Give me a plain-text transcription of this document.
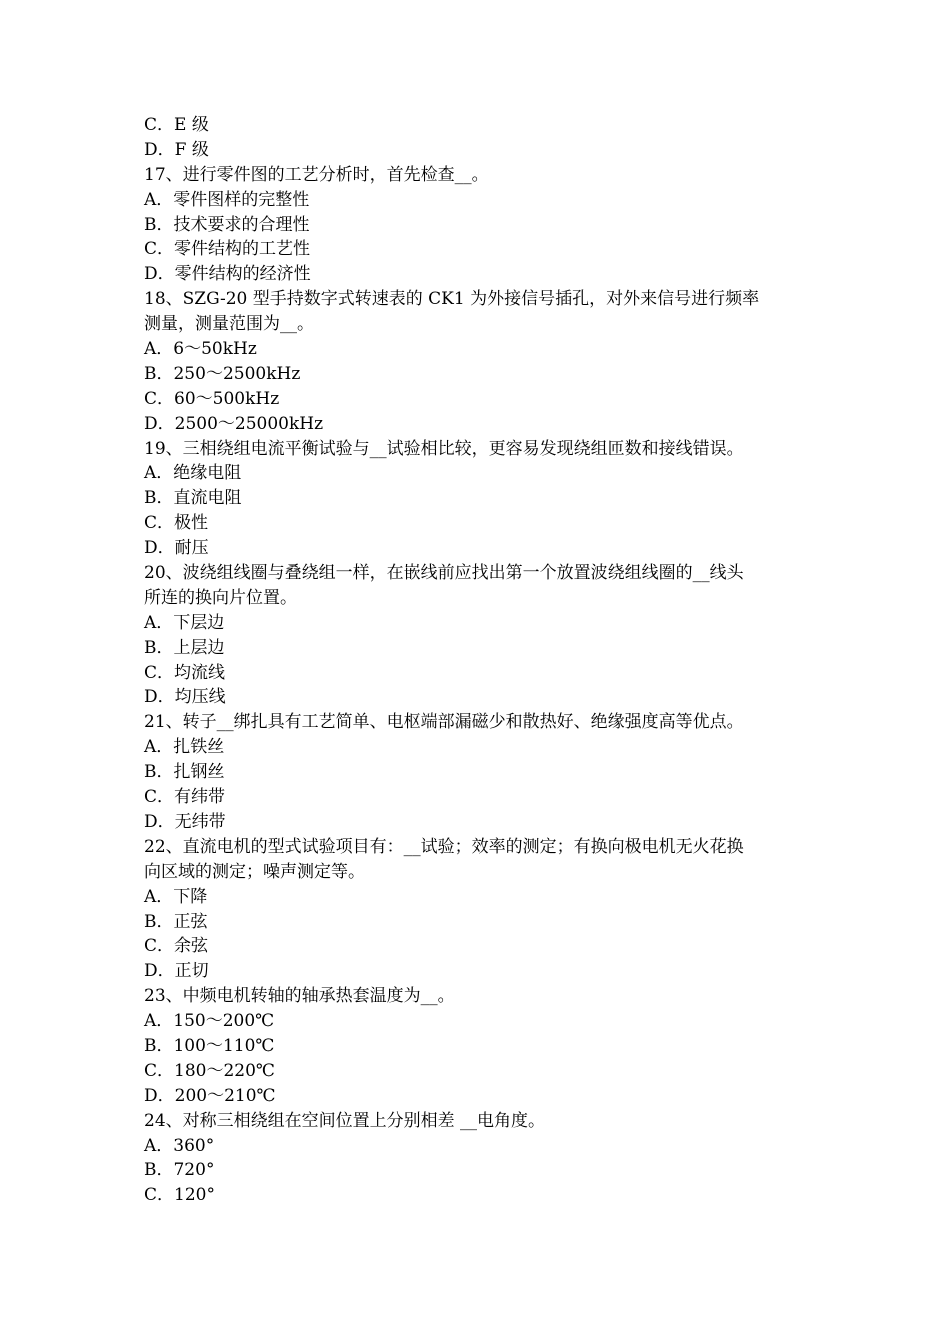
C．E 级
D．F 级
17、进行零件图的工艺分析时，首先检查__。
A．零件图样的完整性
B．技术要求的合理性
C．零件结构的工艺性
D．零件结构的经济性
18、SZG-20 型手持数字式转速表的 CK1 为外接信号插孔，对外来信号进行频率
测量，测量范围为__。
A．6～50kHz
B．250～2500kHz
C．60～500kHz
D．2500～25000kHz
19、三相绕组电流平衡试验与__试验相比较，更容易发现绕组匝数和接线错误。
A．绝缘电阻
B．直流电阻
C．极性
D．耐压
20、波绕组线圈与叠绕组一样，在嵌线前应找出第一个放置波绕组线圈的__线头
所连的换向片位置。
A．下层边
B．上层边
C．均流线
D．均压线
21、转子__绑扎具有工艺简单、电枢端部漏磁少和散热好、绝缘强度高等优点。
A．扎铁丝
B．扎钢丝
C．有纬带
D．无纬带
22、直流电机的型式试验项目有：__试验；效率的测定；有换向极电机无火花换
向区域的测定；噪声测定等。
A．下降
B．正弦
C．余弦
D．正切
23、中频电机转轴的轴承热套温度为__。
A．150～200℃
B．100～110℃
C．180～220℃
D．200～210℃
24、对称三相绕组在空间位置上分别相差 __电角度。
A．360°
B．720°
C．120°
